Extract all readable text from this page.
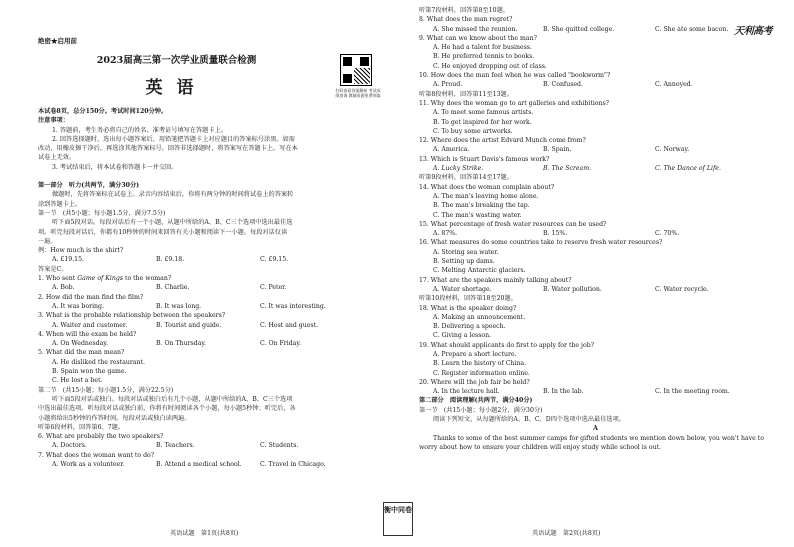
绝密★启用前
2023届高三第一次学业质量联合检测
英语	扫码查看答案解析 考试成绩查询 教辅资源免费领取
本试卷8页，总分150分。考试时间120分钟。
注意事项：
1. 答题前，考生务必将自己的姓名、准考证号填写在答题卡上。
2. 回答选择题时，选出每小题答案后，用铅笔把答题卡上对应题目的答案标号涂黑。如需
改动，用橡皮擦干净后，再选涂其他答案标号。回答非选择题时，将答案写在答题卡上。写在本
试卷上无效。
3. 考试结束后，将本试卷和答题卡一并交回。
第一部分　听力(共两节，满分30分)
做题时，先将答案标在试卷上。录音内容结束后，你将有两分钟的时间将试卷上的答案转
涂到答题卡上。
第一节　(共5小题；每小题1.5分，满分7.5分)
听下面5段对话。每段对话后有一个小题，从题中所给的A、B、C三个选项中选出最佳选
项。听完每段对话后，你都有10秒钟的时间来回答有关小题和阅读下一小题。每段对话仅读
一遍。
例：How much is the shirt?
A. £19.15.	B. £9.18.	C. £9.15.
答案是C。
1. Who sent Game of Kings to the woman?
A. Bob.	B. Charlie.	C. Peter.
2. How did the man find the film?
A. It was boring.	B. It was long.	C. It was interesting.
3. What is the probable relationship between the speakers?
A. Waiter and customer.	B. Tourist and guide.	C. Host and guest.
4. When will the exam be held?
A. On Wednesday.	B. On Thursday.	C. On Friday.
5. What did the man mean?
A. He disliked the restaurant.
B. Spain won the game.
C. He lost a bet.
第二节　(共15小题；每小题1.5分，满分22.5分)
听下面5段对话或独白。每段对话或独白后有几个小题，从题中所给的A、B、C三个选项
中选出最佳选项。听每段对话或独白前，你将有时间阅读各个小题，每小题5秒钟；听完后，各
小题将给出5秒钟的作答时间。每段对话或独白读两遍。
听第6段材料，回答第6、7题。
6. What are probably the two speakers?
A. Doctors.	B. Teachers.	C. Students.
7. What does the woman want to do?
A. Work as a volunteer.	B. Attend a medical school.	C. Travel in Chicago.
英语试题　第1页(共8页)
天利高考
听第7段材料，回答第8至10题。
8. What does the man regret?
A. She missed the reunion.	B. She quitted college.	C. She ate some bacon.
9. What can we know about the man?
A. He had a talent for business.
B. He preferred tennis to books.
C. He enjoyed dropping out of class.
10. How does the man feel when he was called "bookworm"?
A. Proud.	B. Confused.	C. Annoyed.
听第8段材料，回答第11至13题。
11. Why does the woman go to art galleries and exhibitions?
A. To meet some famous artists.
B. To get inspired for her work.
C. To buy some artworks.
12. Where does the artist Edvard Munch come from?
A. America.	B. Spain.	C. Norway.
13. Which is Stuart Davis's famous work?
A. Lucky Strike.	B. The Scream.	C. The Dance of Life.
听第9段材料，回答第14至17题。
14. What does the woman complain about?
A. The man's leaving home alone.
B. The man's breaking the tap.
C. The man's wasting water.
15. What percentage of fresh water resources can be used?
A. 87%.	B. 15%.	C. 70%.
16. What measures do some countries take to reserve fresh water resources?
A. Storing sea water.
B. Setting up dams.
C. Melting Antarctic glaciers.
17. What are the speakers mainly talking about?
A. Water shortage.	B. Water pollution.	C. Water recycle.
听第10段材料，回答第18至20题。
18. What is the speaker doing?
A. Making an announcement.
B. Delivering a speech.
C. Giving a lesson.
19. What should applicants do first to apply for the job?
A. Prepare a short lecture.
B. Learn the history of China.
C. Register information online.
20. Where will the job fair be held?
A. In the lecture hall.	B. In the lab.	C. In the meeting room.
第二部分　阅读理解(共两节，满分40分)
第一节　(共15小题；每小题2分，满分30分)
阅读下列短文，从每题所给的A、B、C、D四个选项中选出最佳选项。
A
Thanks to some of the best summer camps for gifted students we mention down below, you won't have to worry about how to ensure your children will enjoy study while school is out.
英语试题　第2页(共8页)
衡中同卷
